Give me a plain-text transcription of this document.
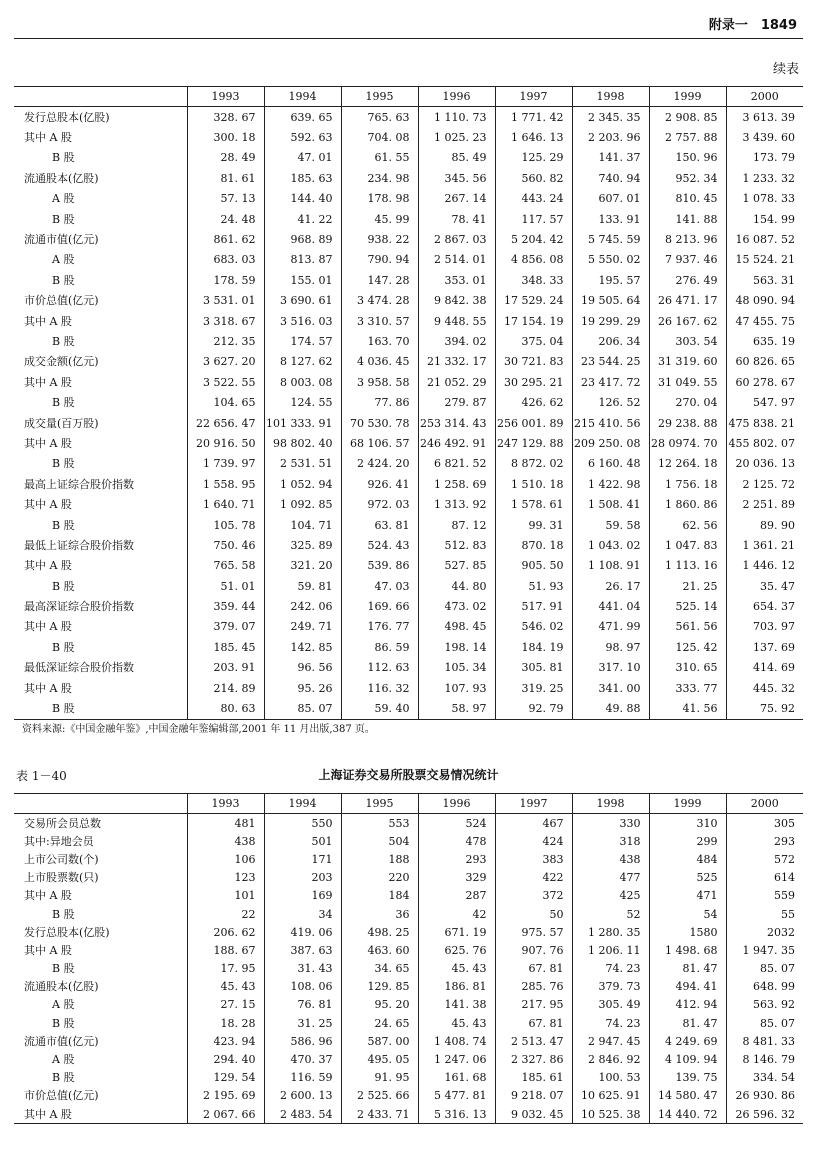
附录一　1849
续表
	1993	1994	1995	1996	1997	1998	1999	2000
发行总股本(亿股)	328. 67	639. 65	765. 63	1 110. 73	1 771. 42	2 345. 35	2 908. 85	3 613. 39
其中 A 股	300. 18	592. 63	704. 08	1 025. 23	1 646. 13	2 203. 96	2 757. 88	3 439. 60
B 股	28. 49	47. 01	61. 55	85. 49	125. 29	141. 37	150. 96	173. 79
流通股本(亿股)	81. 61	185. 63	234. 98	345. 56	560. 82	740. 94	952. 34	1 233. 32
A 股	57. 13	144. 40	178. 98	267. 14	443. 24	607. 01	810. 45	1 078. 33
B 股	24. 48	41. 22	45. 99	78. 41	117. 57	133. 91	141. 88	154. 99
流通市值(亿元)	861. 62	968. 89	938. 22	2 867. 03	5 204. 42	5 745. 59	8 213. 96	16 087. 52
A 股	683. 03	813. 87	790. 94	2 514. 01	4 856. 08	5 550. 02	7 937. 46	15 524. 21
B 股	178. 59	155. 01	147. 28	353. 01	348. 33	195. 57	276. 49	563. 31
市价总值(亿元)	3 531. 01	3 690. 61	3 474. 28	9 842. 38	17 529. 24	19 505. 64	26 471. 17	48 090. 94
其中 A 股	3 318. 67	3 516. 03	3 310. 57	9 448. 55	17 154. 19	19 299. 29	26 167. 62	47 455. 75
B 股	212. 35	174. 57	163. 70	394. 02	375. 04	206. 34	303. 54	635. 19
成交金额(亿元)	3 627. 20	8 127. 62	4 036. 45	21 332. 17	30 721. 83	23 544. 25	31 319. 60	60 826. 65
其中 A 股	3 522. 55	8 003. 08	3 958. 58	21 052. 29	30 295. 21	23 417. 72	31 049. 55	60 278. 67
B 股	104. 65	124. 55	77. 86	279. 87	426. 62	126. 52	270. 04	547. 97
成交量(百万股)	22 656. 47	101 333. 91	70 530. 78	253 314. 43	256 001. 89	215 410. 56	29 238. 88	475 838. 21
其中 A 股	20 916. 50	98 802. 40	68 106. 57	246 492. 91	247 129. 88	209 250. 08	28 0974. 70	455 802. 07
B 股	1 739. 97	2 531. 51	2 424. 20	6 821. 52	8 872. 02	6 160. 48	12 264. 18	20 036. 13
最高上证综合股价指数	1 558. 95	1 052. 94	926. 41	1 258. 69	1 510. 18	1 422. 98	1 756. 18	2 125. 72
其中 A 股	1 640. 71	1 092. 85	972. 03	1 313. 92	1 578. 61	1 508. 41	1 860. 86	2 251. 89
B 股	105. 78	104. 71	63. 81	87. 12	99. 31	59. 58	62. 56	89. 90
最低上证综合股价指数	750. 46	325. 89	524. 43	512. 83	870. 18	1 043. 02	1 047. 83	1 361. 21
其中 A 股	765. 58	321. 20	539. 86	527. 85	905. 50	1 108. 91	1 113. 16	1 446. 12
B 股	51. 01	59. 81	47. 03	44. 80	51. 93	26. 17	21. 25	35. 47
最高深证综合股价指数	359. 44	242. 06	169. 66	473. 02	517. 91	441. 04	525. 14	654. 37
其中 A 股	379. 07	249. 71	176. 77	498. 45	546. 02	471. 99	561. 56	703. 97
B 股	185. 45	142. 85	86. 59	198. 14	184. 19	98. 97	125. 42	137. 69
最低深证综合股价指数	203. 91	96. 56	112. 63	105. 34	305. 81	317. 10	310. 65	414. 69
其中 A 股	214. 89	95. 26	116. 32	107. 93	319. 25	341. 00	333. 77	445. 32
B 股	80. 63	85. 07	59. 40	58. 97	92. 79	49. 88	41. 56	75. 92
资料来源:《中国金融年鉴》,中国金融年鉴编辑部,2001 年 11 月出版,387 页。
表 1－40	上海证券交易所股票交易情况统计
	1993	1994	1995	1996	1997	1998	1999	2000
交易所会员总数	481	550	553	524	467	330	310	305
其中:异地会员	438	501	504	478	424	318	299	293
上市公司数(个)	106	171	188	293	383	438	484	572
上市股票数(只)	123	203	220	329	422	477	525	614
其中 A 股	101	169	184	287	372	425	471	559
B 股	22	34	36	42	50	52	54	55
发行总股本(亿股)	206. 62	419. 06	498. 25	671. 19	975. 57	1 280. 35	1580	2032
其中 A 股	188. 67	387. 63	463. 60	625. 76	907. 76	1 206. 11	1 498. 68	1 947. 35
B 股	17. 95	31. 43	34. 65	45. 43	67. 81	74. 23	81. 47	85. 07
流通股本(亿股)	45. 43	108. 06	129. 85	186. 81	285. 76	379. 73	494. 41	648. 99
A 股	27. 15	76. 81	95. 20	141. 38	217. 95	305. 49	412. 94	563. 92
B 股	18. 28	31. 25	24. 65	45. 43	67. 81	74. 23	81. 47	85. 07
流通市值(亿元)	423. 94	586. 96	587. 00	1 408. 74	2 513. 47	2 947. 45	4 249. 69	8 481. 33
A 股	294. 40	470. 37	495. 05	1 247. 06	2 327. 86	2 846. 92	4 109. 94	8 146. 79
B 股	129. 54	116. 59	91. 95	161. 68	185. 61	100. 53	139. 75	334. 54
市价总值(亿元)	2 195. 69	2 600. 13	2 525. 66	5 477. 81	9 218. 07	10 625. 91	14 580. 47	26 930. 86
其中 A 股	2 067. 66	2 483. 54	2 433. 71	5 316. 13	9 032. 45	10 525. 38	14 440. 72	26 596. 32
